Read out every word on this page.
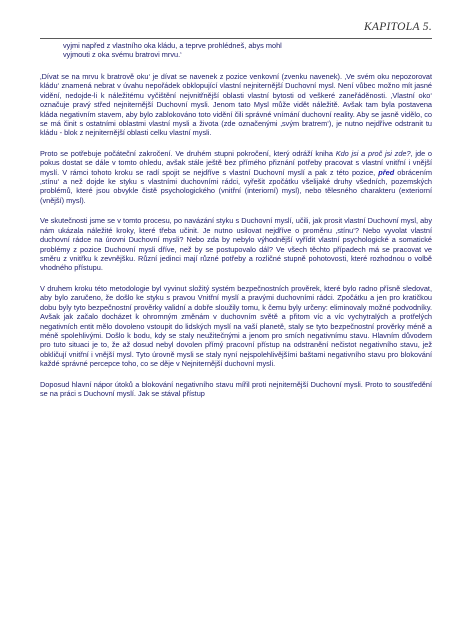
KAPITOLA 5.
vyjmi napřed z vlastního oka kládu, a teprve prohlédneš, abys mohl
vyjmouti z oka svému bratrovi mrvu.‘

‚Dívat se na mrvu k bratrově oku‘ je dívat se navenek z pozice venkovní (zvenku navenek). ‚Ve svém oku nepozorovat kládu‘ znamená nebrat v úvahu nepořádek obklopující vlastní nejniternější Duchovní mysl. Není vůbec možno mít jasné vidění, nedojde-li k náležitému vyčištění nejvnitřnější oblasti vlastní bytosti od veškeré zaneřáděnosti. ‚Vlastní oko‘ označuje pravý střed nejniternější Duchovní mysli. Jenom tato Mysl může vidět náležitě. Avšak tam byla postavena kláda negativním stavem, aby bylo zablokováno toto vidění čili správné vnímání duchovní reality. Aby se jasně vidělo, co se má činit s ostatními oblastmi vlastní mysli a života (zde označenými ‚svým bratrem‘), je nutno nejdříve odstranit tu kládu - blok z nejniternější oblasti celku vlastní mysli.

Proto se potřebuje počáteční zakročení. Ve druhém stupni pokročení, který odráží kniha Kdo jsi a proč jsi zde?, jde o pokus dostat se dále v tomto ohledu, avšak stále ještě bez přímého přiznání potřeby pracovat s vlastní vnitřní i vnější myslí. V rámci tohoto kroku se radí spojit se nejdříve s vlastní Duchovní myslí a pak z této pozice, před obrácením ‚stínu‘ a než dojde ke styku s vlastními duchovními rádci, vyřešit zpočátku všelijaké druhy všedních, pozemských problémů, které jsou obvykle čistě psychologického (vnitřní (interiorní) mysl), nebo tělesného charakteru (exteriorní (vnější) mysl).

Ve skutečnosti jsme se v tomto procesu, po navázání styku s Duchovní myslí, učili, jak prosit vlastní Duchovní mysl, aby nám ukázala náležité kroky, které třeba učinit. Je nutno usilovat nejdříve o proměnu ‚stínu‘? Nebo vyvolat vlastní duchovní rádce na úrovni Duchovní mysli? Nebo zda by nebylo výhodnější vyřídit vlastní psychologické a somatické problémy z pozice Duchovní mysli dříve, než by se postupovalo dál? Ve všech těchto případech má se pracovat ve směru z vnitřku k zevnějšku. Různí jedinci mají různé potřeby a rozličné stupně pohotovosti, které rozhodnou o volbě vhodného přístupu.

V druhem kroku této metodologie byl vyvinut složitý systém bezpečnostních prověrek, které bylo radno přísně sledovat, aby bylo zaručeno, že došlo ke styku s pravou Vnitřní myslí a pravými duchovními rádci. Zpočátku a jen pro kratičkou dobu byly tyto bezpečnostní prověrky validní a dobře sloužily tomu, k čemu byly určeny: eliminovaly možné podvodníky. Avšak jak začalo docházet k ohromným změnám v duchovním světě a přitom víc a víc vychytralých a protřelých negativních entit mělo dovoleno vstoupit do lidských myslí na vaší planetě, staly se tyto bezpečnostní prověrky méně a méně spolehlivými. Došlo k bodu, kdy se staly neužitečnými a jenom pro smích negativnímu stavu. Hlavním důvodem pro tuto situaci je to, že až dosud nebyl dovolen přímý pracovní přístup na odstranění nečistot negativního stavu, jež obkličují vnitřní i vnější mysl. Tyto úrovně mysli se staly nyní nejspolehlivějšími baštami negativního stavu pro blokování každé správné percepce toho, co se děje v Nejniternější duchovní mysli.

Doposud hlavní nápor útoků a blokování negativního stavu mířil proti nejniternější Duchovní mysli. Proto to soustředění se na práci s Duchovní myslí. Jak se stával přístup
